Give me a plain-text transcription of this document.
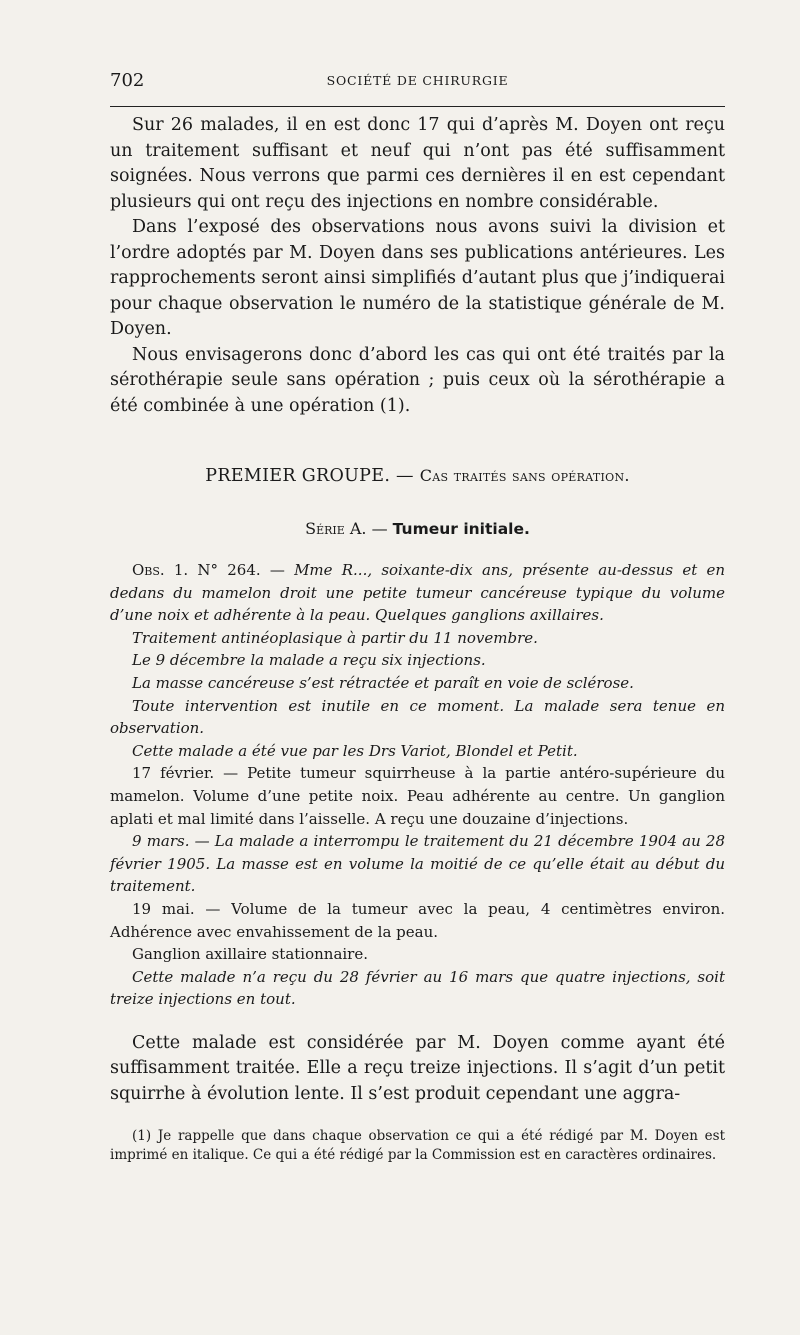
702	SOCIÉTÉ DE CHIRURGIE

Sur 26 malades, il en est donc 17 qui d’après M. Doyen ont reçu un traitement suffisant et neuf qui n’ont pas été suffisamment soignées. Nous verrons que parmi ces dernières il en est cependant plusieurs qui ont reçu des injections en nombre considérable.

Dans l’exposé des observations nous avons suivi la division et l’ordre adoptés par M. Doyen dans ses publications antérieures. Les rapprochements seront ainsi simplifiés d’autant plus que j’indiquerai pour chaque observation le numéro de la statistique générale de M. Doyen.

Nous envisagerons donc d’abord les cas qui ont été traités par la sérothérapie seule sans opération ; puis ceux où la sérothérapie a été combinée à une opération (1).

PREMIER GROUPE. — Cas traités sans opération.
Série A. — Tumeur initiale.

Obs. 1. N° 264. — Mme R..., soixante-dix ans, présente au-dessus et en dedans du mamelon droit une petite tumeur cancéreuse typique du volume d’une noix et adhérente à la peau. Quelques ganglions axillaires.

Traitement antinéoplasique à partir du 11 novembre.

Le 9 décembre la malade a reçu six injections.

La masse cancéreuse s’est rétractée et paraît en voie de sclérose.

Toute intervention est inutile en ce moment. La malade sera tenue en observation.

Cette malade a été vue par les Drs Variot, Blondel et Petit.

17 février. — Petite tumeur squirrheuse à la partie antéro-supérieure du mamelon. Volume d’une petite noix. Peau adhérente au centre. Un ganglion aplati et mal limité dans l’aisselle. A reçu une douzaine d’injections.

9 mars. — La malade a interrompu le traitement du 21 décembre 1904 au 28 février 1905. La masse est en volume la moitié de ce qu’elle était au début du traitement.

19 mai. — Volume de la tumeur avec la peau, 4 centimètres environ. Adhérence avec envahissement de la peau.

Ganglion axillaire stationnaire.

Cette malade n’a reçu du 28 février au 16 mars que quatre injections, soit treize injections en tout.

Cette malade est considérée par M. Doyen comme ayant été suffisamment traitée. Elle a reçu treize injections. Il s’agit d’un petit squirrhe à évolution lente. Il s’est produit cependant une aggra-

(1) Je rappelle que dans chaque observation ce qui a été rédigé par M. Doyen est imprimé en italique. Ce qui a été rédigé par la Commission est en caractères ordinaires.
